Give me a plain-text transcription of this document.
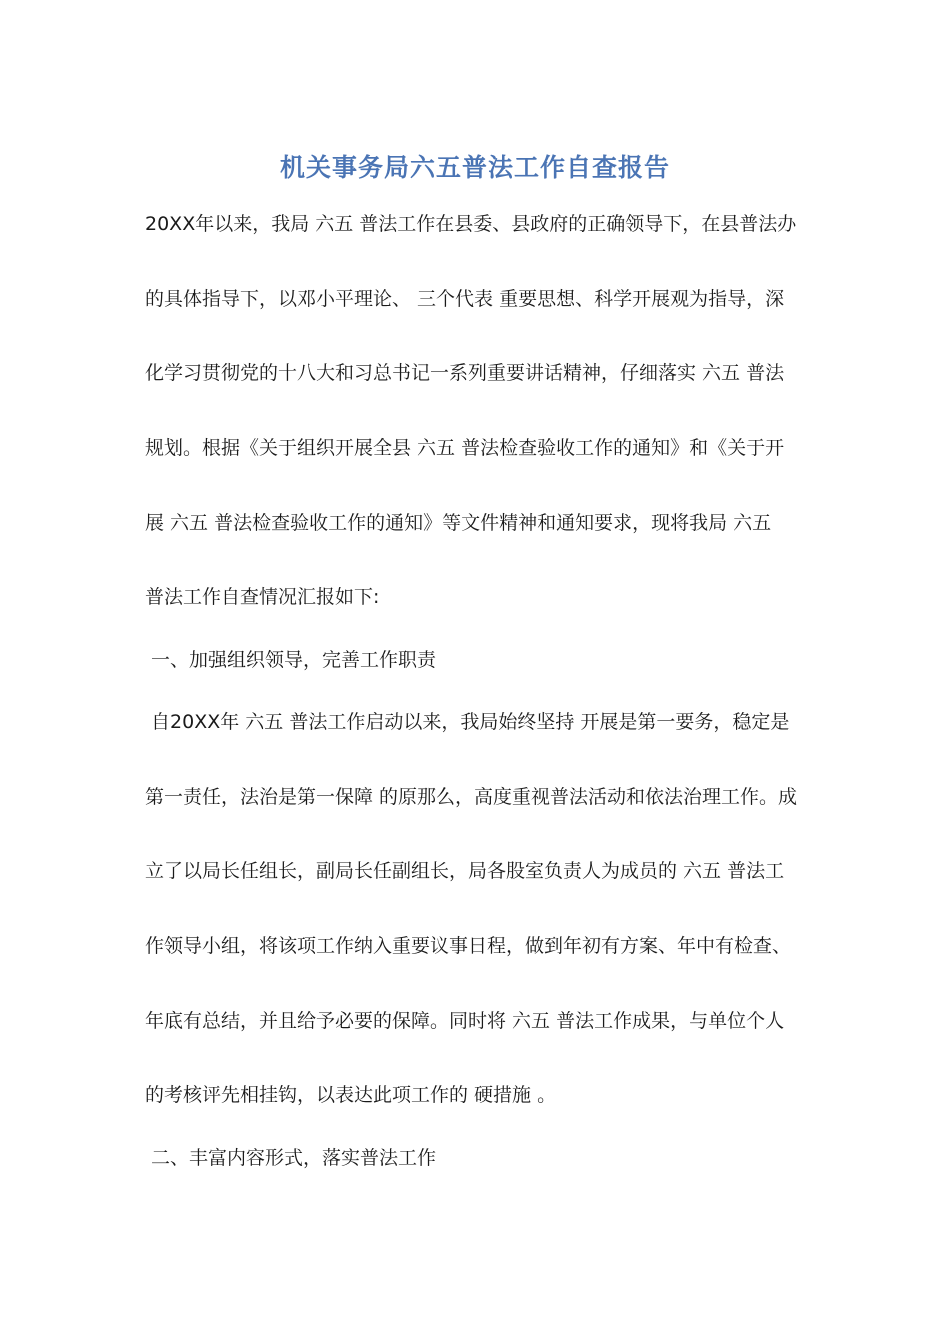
机关事务局六五普法工作自查报告
20XX年以来，我局 六五 普法工作在县委、县政府的正确领导下，在县普法办
的具体指导下，以邓小平理论、 三个代表 重要思想、科学开展观为指导，深
化学习贯彻党的十八大和习总书记一系列重要讲话精神，仔细落实 六五 普法
规划。根据《关于组织开展全县 六五 普法检查验收工作的通知》和《关于开
展 六五 普法检查验收工作的通知》等文件精神和通知要求，现将我局 六五
普法工作自查情况汇报如下:
一、加强组织领导，完善工作职责
自20XX年 六五 普法工作启动以来，我局始终坚持 开展是第一要务，稳定是
第一责任，法治是第一保障 的原那么，高度重视普法活动和依法治理工作。成
立了以局长任组长，副局长任副组长，局各股室负责人为成员的 六五 普法工
作领导小组，将该项工作纳入重要议事日程，做到年初有方案、年中有检查、
年底有总结，并且给予必要的保障。同时将 六五 普法工作成果，与单位个人
的考核评先相挂钩，以表达此项工作的 硬措施 。
二、丰富内容形式，落实普法工作
